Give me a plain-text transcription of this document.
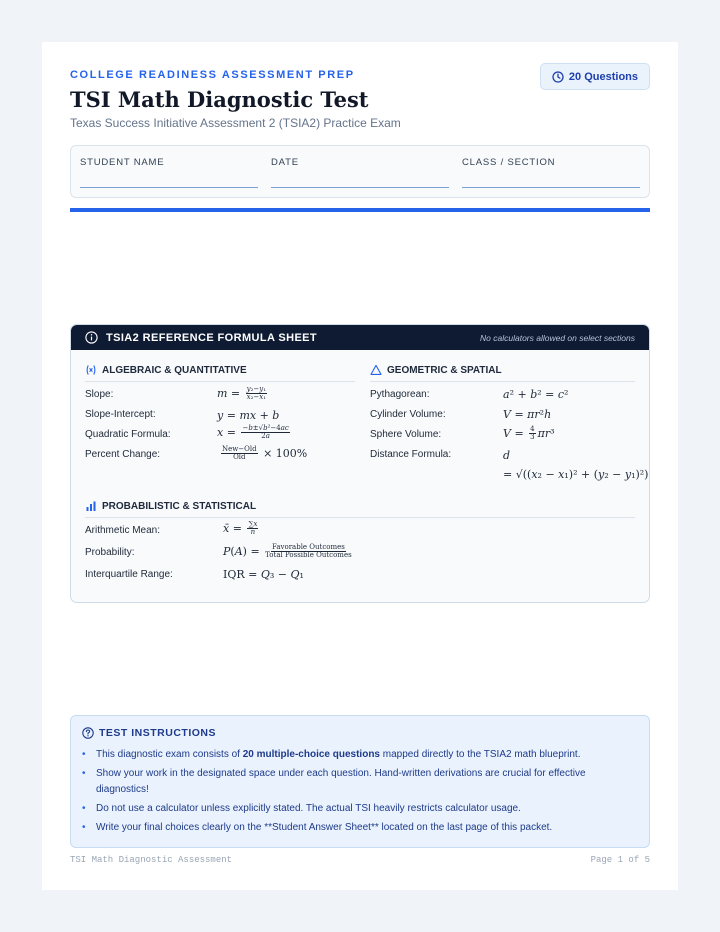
COLLEGE READINESS ASSESSMENT PREP	20 Questions
TSI Math Diagnostic Test
Texas Success Initiative Assessment 2 (TSIA2) Practice Exam
STUDENT NAME	DATE	CLASS / SECTION
TSIA2 REFERENCE FORMULA SHEET	No calculators allowed on select sections
ALGEBRAIC & QUANTITATIVE
Slope:	$m = \frac{\text{y₂−y₁}}{\text{x₂−x₁}}$
Slope-Intercept:	y = mx + b
Quadratic Formula:	$x = \frac{\text{−b±√b²−4ac}}{2a}$
Percent Change:	$\frac{\text{New−Old}}{\text{Old}} \times 100\%$
GEOMETRIC & SPATIAL
Pythagorean:	a ² + b ² = c ²
Cylinder Volume:	V = πr ² h
Sphere Volume:	$V = \frac{4}{3}$ πr ³
Distance Formula:	d
= √(( x ₂ − x ₁)² + ( y ₂ − y ₁)²)
PROBABILISTIC & STATISTICAL
Arithmetic Mean:	x̄ = $\frac{\sum x}{n}$
Probability:	P ( A ) = $\frac{\text{Favorable Outcomes}}{\text{Total Possible Outcomes}}$
Interquartile Range:	IQR = Q ₃ − Q ₁
TEST INSTRUCTIONS
• This diagnostic exam consists of 20 multiple-choice questions mapped directly to the TSIA2 math blueprint.
• Show your work in the designated space under each question. Hand-written derivations are crucial for effective diagnostics!
• Do not use a calculator unless explicitly stated. The actual TSI heavily restricts calculator usage.
• Write your final choices clearly on the **Student Answer Sheet** located on the last page of this packet.
TSI Math Diagnostic Assessment	Page 1 of 5
